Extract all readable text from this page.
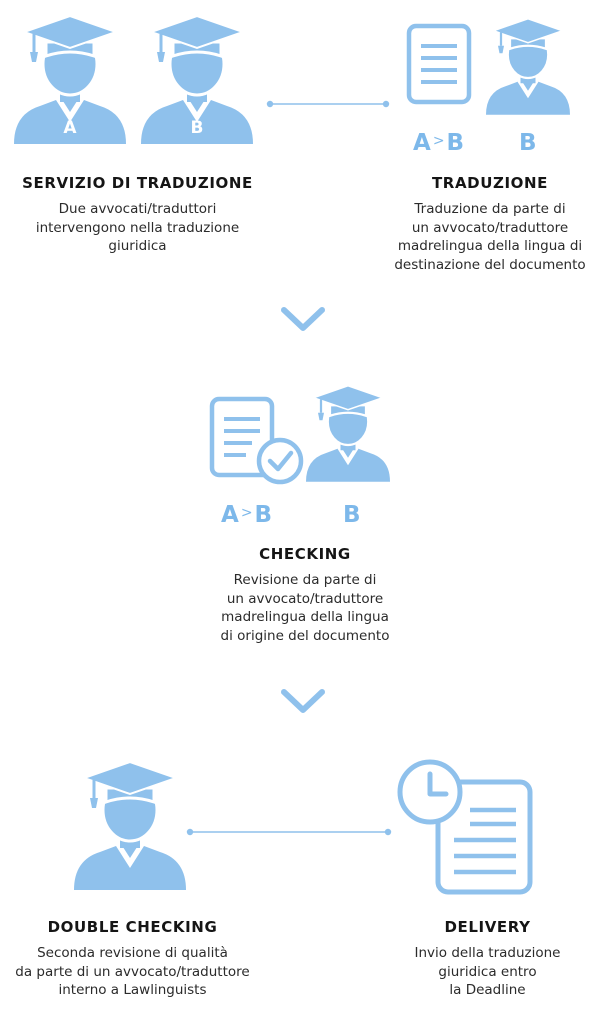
A	B
SERVIZIO DI TRADUZIONE
Due avvocati/traduttori
intervengono nella traduzione
giuridica
A >B B
TRADUZIONE
Traduzione da parte di
un avvocato/traduttore
madrelingua della lingua di
destinazione del documento
A >B	B
CHECKING
Revisione da parte di
un avvocato/traduttore
madrelingua della lingua
di origine del documento
DOUBLE CHECKING
Seconda revisione di qualità
da parte di un avvocato/traduttore
interno a Lawlinguists
DELIVERY
Invio della traduzione
giuridica entro
la Deadline
